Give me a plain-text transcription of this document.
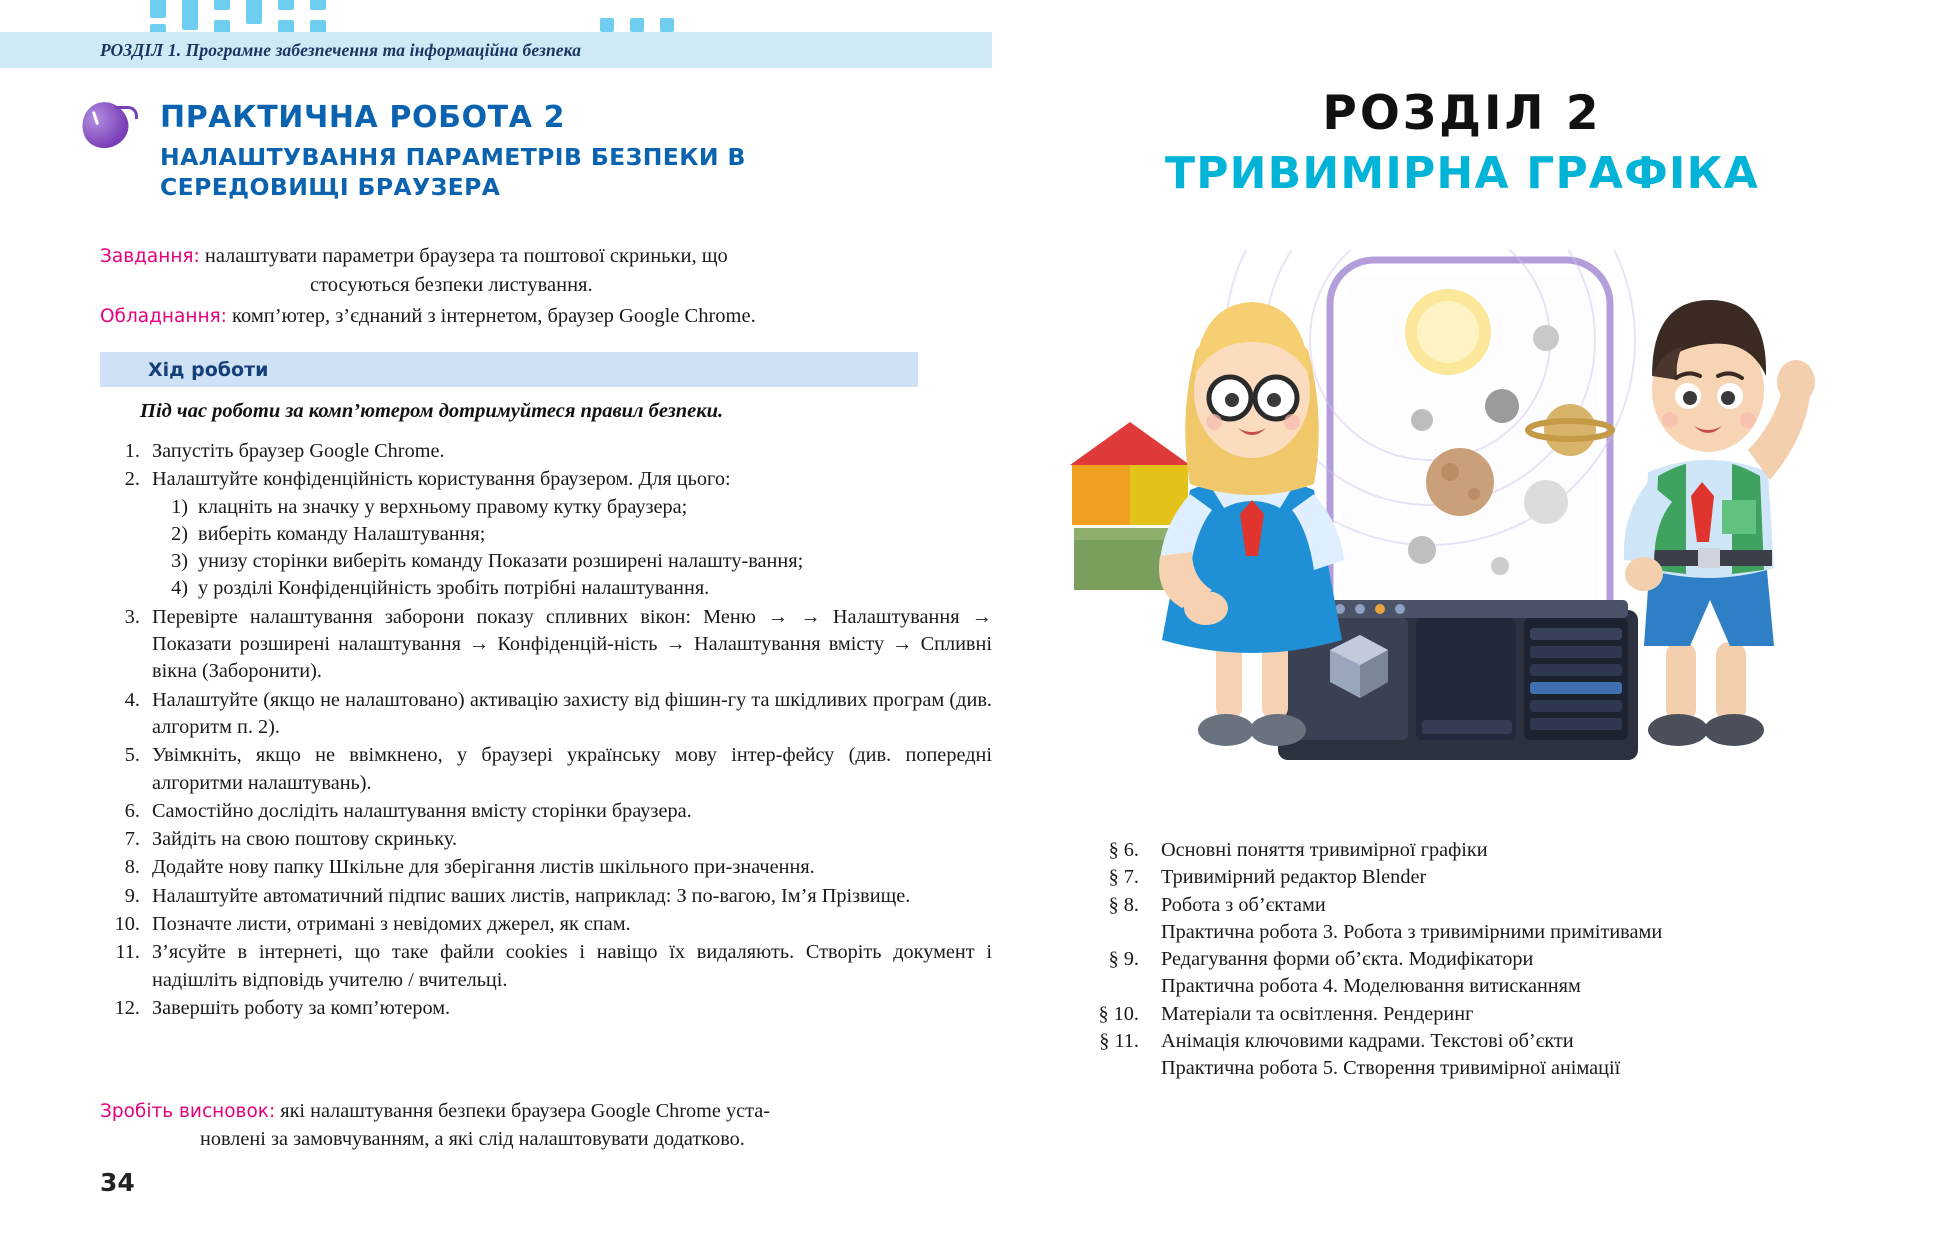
РОЗДІЛ 1. Програмне забезпечення та інформаційна безпека
ПРАКТИЧНА РОБОТА 2
НАЛАШТУВАННЯ ПАРАМЕТРІВ БЕЗПЕКИ В СЕРЕДОВИЩІ БРАУЗЕРА
Завдання: налаштувати параметри браузера та поштової скриньки, що
стосуються безпеки листування.
Обладнання: комп’ютер, з’єднаний з інтернетом, браузер Google Chrome.
Хід роботи
Під час роботи за комп’ютером дотримуйтеся правил безпеки.
1. Запустіть браузер Google Chrome.
2. Налаштуйте конфіденційність користування браузером. Для цього:
1) клацніть на значку у верхньому правому кутку браузера;
2) виберіть команду Налаштування;
3) унизу сторінки виберіть команду Показати розширені налашту-вання;
4) у розділі Конфіденційність зробіть потрібні налаштування.
3. Перевірте налаштування заборони показу спливних вікон: Меню → → Налаштування → Показати розширені налаштування → Конфіденцій-ність → Налаштування вмісту → Спливні вікна (Заборонити).
4. Налаштуйте (якщо не налаштовано) активацію захисту від фішин-гу та шкідливих програм (див. алгоритм п. 2).
5. Увімкніть, якщо не ввімкнено, у браузері українську мову інтер-фейсу (див. попередні алгоритми налаштувань).
6. Самостійно дослідіть налаштування вмісту сторінки браузера.
7. Зайдіть на свою поштову скриньку.
8. Додайте нову папку Шкільне для зберігання листів шкільного при-значення.
9. Налаштуйте автоматичний підпис ваших листів, наприклад: З по-вагою, Ім’я Прізвище.
10. Позначте листи, отримані з невідомих джерел, як спам.
11. З’ясуйте в інтернеті, що таке файли cookies і навіщо їх видаляють. Створіть документ і надішліть відповідь учителю / вчительці.
12. Завершіть роботу за комп’ютером.
Зробіть висновок: які налаштування безпеки браузера Google Chrome уста-
новлені за замовчуванням, а які слід налаштовувати додатково.
34
РОЗДІЛ 2
ТРИВИМІРНА ГРАФІКА
§ 6.	Основні поняття тривимірної графіки
§ 7.	Тривимірний редактор Blender
§ 8.	Робота з об’єктами
Практична робота 3. Робота з тривимірними примітивами
§ 9.	Редагування форми об’єкта. Модифікатори
Практична робота 4. Моделювання витисканням
§ 10.	Матеріали та освітлення. Рендеринг
§ 11.	Анімація ключовими кадрами. Текстові об’єкти
Практична робота 5. Створення тривимірної анімації
